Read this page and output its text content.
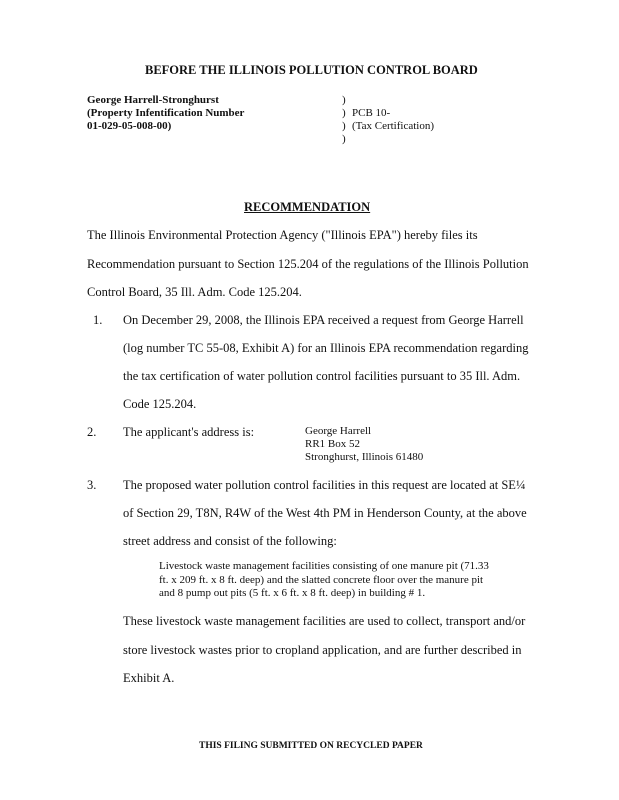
BEFORE THE ILLINOIS POLLUTION CONTROL BOARD
George Harrell-Stronghurst
(Property Infentification Number
01-029-05-008-00)
)
)
)
)
PCB 10-
(Tax Certification)
RECOMMENDATION
The Illinois Environmental Protection Agency ("Illinois EPA") hereby files its
Recommendation pursuant to Section 125.204 of the regulations of the Illinois Pollution
Control Board, 35 Ill. Adm. Code 125.204.
1. On December 29, 2008, the Illinois EPA received a request from George Harrell
(log number TC 55-08, Exhibit A) for an Illinois EPA recommendation regarding
the tax certification of water pollution control facilities pursuant to 35 Ill. Adm.
Code 125.204.
2. The applicant's address is:	George Harrell
RR1 Box 52
Stronghurst, Illinois 61480
3. The proposed water pollution control facilities in this request are located at SE¼
of Section 29, T8N, R4W of the West 4th PM in Henderson County, at the above
street address and consist of the following:
Livestock waste management facilities consisting of one manure pit (71.33
ft. x 209 ft. x 8 ft. deep) and the slatted concrete floor over the manure pit
and 8 pump out pits (5 ft. x 6 ft. x 8 ft. deep) in building # 1.
These livestock waste management facilities are used to collect, transport and/or
store livestock wastes prior to cropland application, and are further described in
Exhibit A.
THIS FILING SUBMITTED ON RECYCLED PAPER
